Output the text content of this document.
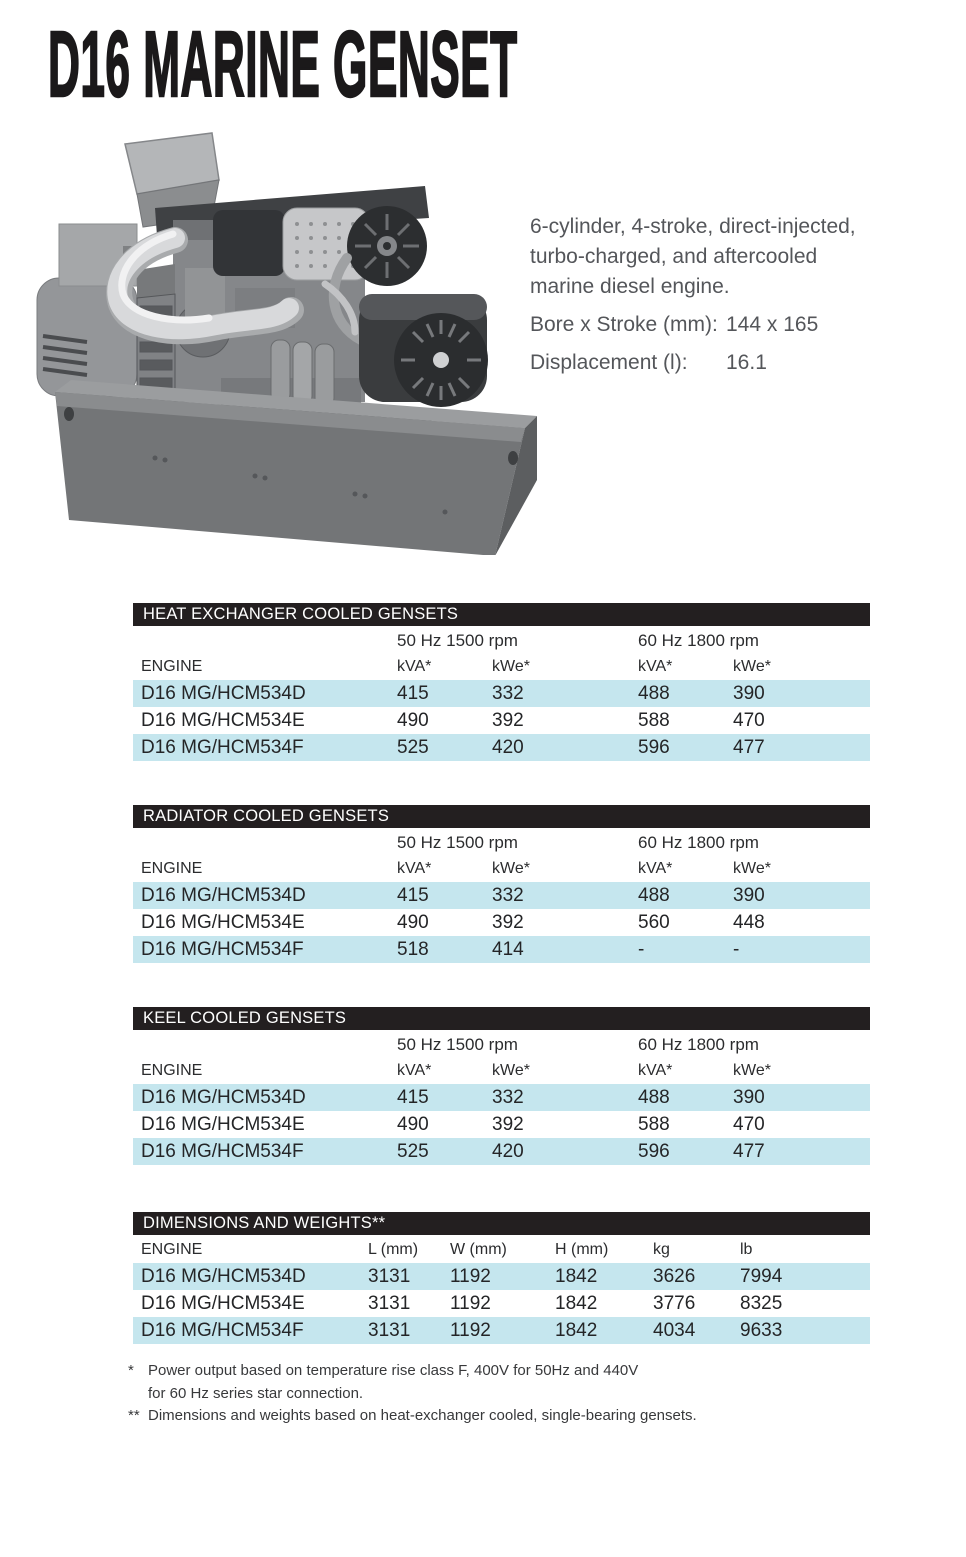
D16 MARINE GENSET
6-cylinder, 4-stroke, direct-injected,
turbo-charged, and aftercooled
marine diesel engine.
Bore x Stroke (mm): 144 x 165
Displacement (l): 16.1
HEAT EXCHANGER COOLED GENSETS
50 Hz 1500 rpm	60 Hz 1800 rpm
ENGINE	kVA*	kWe*	kVA*	kWe*
D16 MG/HCM534D	415	332	488	390
D16 MG/HCM534E	490	392	588	470
D16 MG/HCM534F	525	420	596	477
RADIATOR COOLED GENSETS
50 Hz 1500 rpm	60 Hz 1800 rpm
ENGINE	kVA*	kWe*	kVA*	kWe*
D16 MG/HCM534D	415	332	488	390
D16 MG/HCM534E	490	392	560	448
D16 MG/HCM534F	518	414	-	-
KEEL COOLED GENSETS
50 Hz 1500 rpm	60 Hz 1800 rpm
ENGINE	kVA*	kWe*	kVA*	kWe*
D16 MG/HCM534D	415	332	488	390
D16 MG/HCM534E	490	392	588	470
D16 MG/HCM534F	525	420	596	477
DIMENSIONS AND WEIGHTS**
ENGINE	L (mm) W (mm)	H (mm)	kg	lb
D16 MG/HCM534D	3131 1192	1842	3626 7994
D16 MG/HCM534E	3131 1192	1842	3776 8325
D16 MG/HCM534F	3131 1192	1842	4034 9633
* Power output based on temperature rise class F, 400V for 50Hz and 440V
for 60 Hz series star connection.
** Dimensions and weights based on heat-exchanger cooled, single-bearing gensets.
